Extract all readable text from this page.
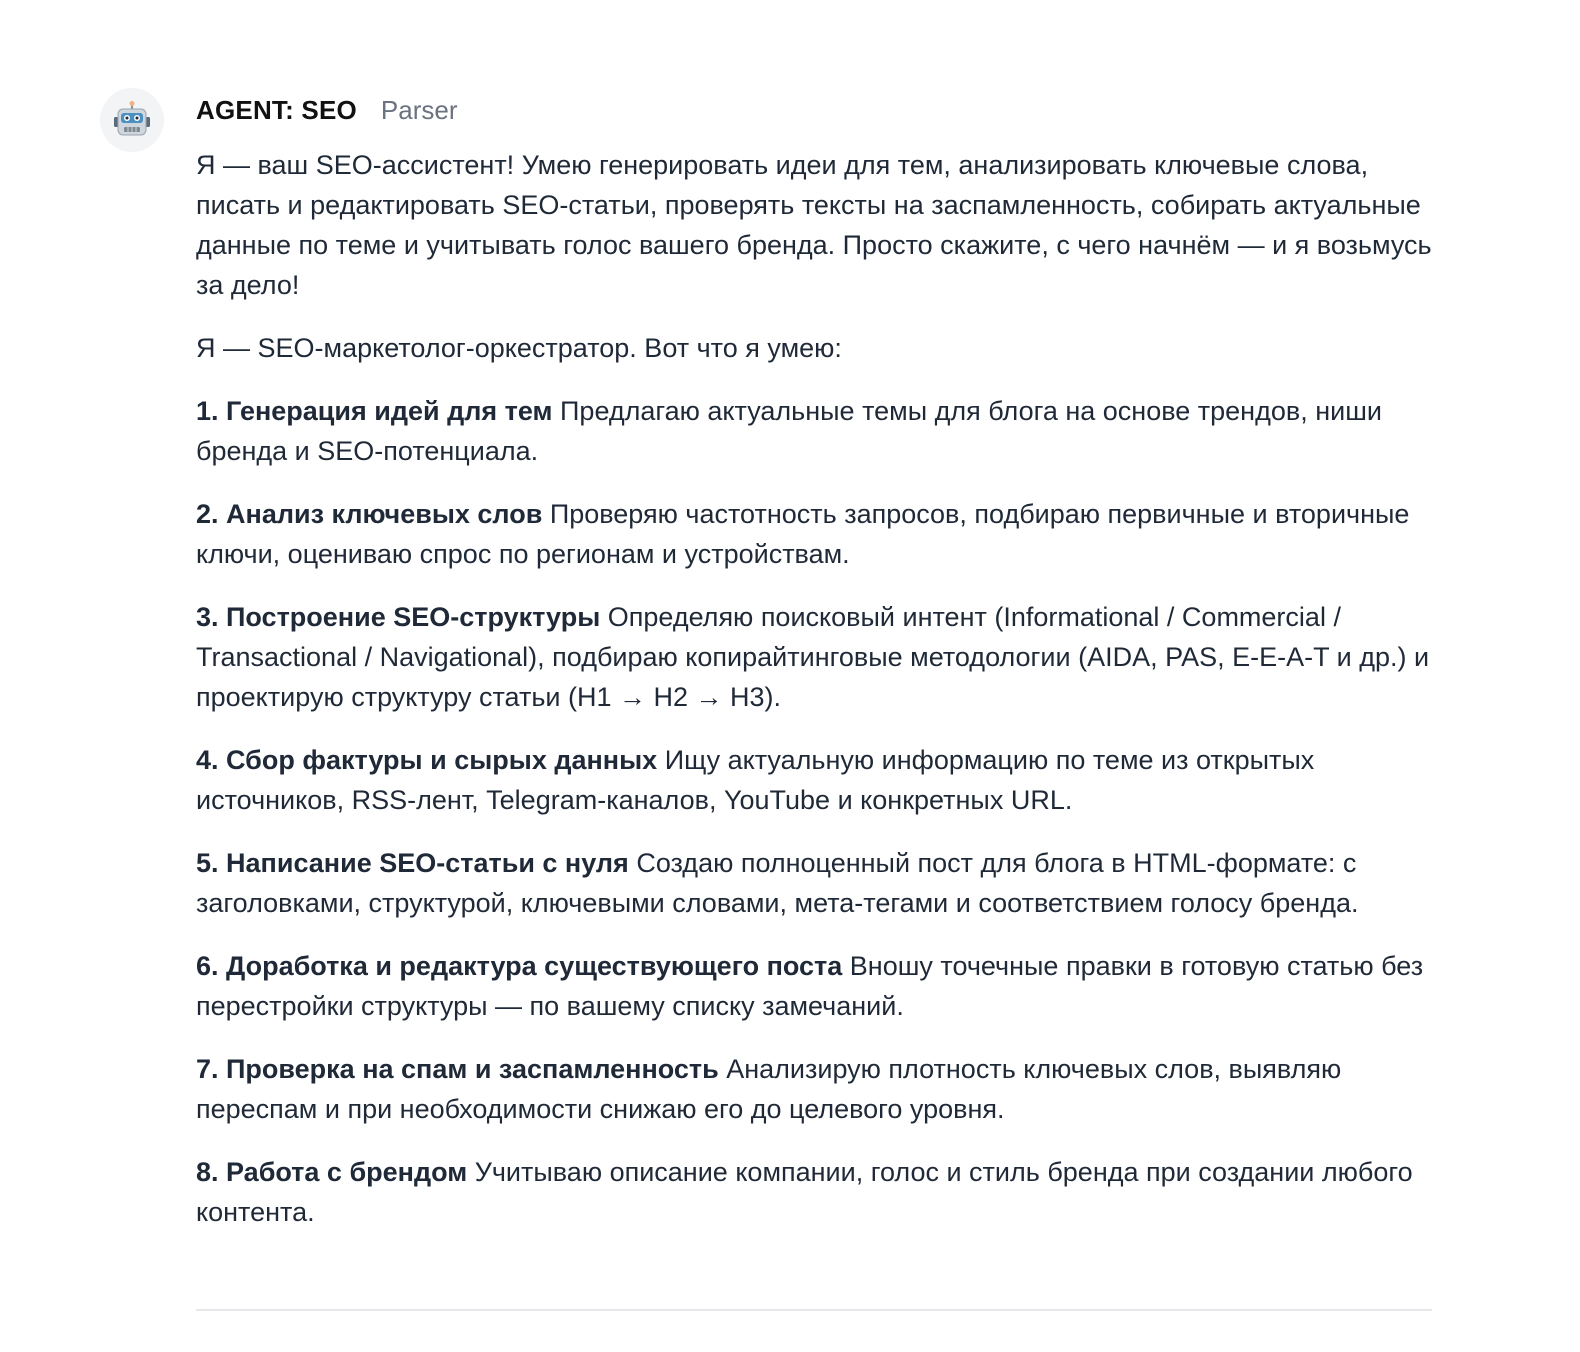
AGENT: SEO Parser

Я — ваш SEO-ассистент! Умею генерировать идеи для тем, анализировать ключевые слова, писать и редактировать SEO-статьи, проверять тексты на заспамленность, собирать актуальные данные по теме и учитывать голос вашего бренда. Просто скажите, с чего начнём — и я возьмусь за дело!

Я — SEO-маркетолог-оркестратор. Вот что я умею:

1. Генерация идей для тем Предлагаю актуальные темы для блога на основе трендов, ниши бренда и SEO-потенциала.

2. Анализ ключевых слов Проверяю частотность запросов, подбираю первичные и вторичные ключи, оцениваю спрос по регионам и устройствам.

3. Построение SEO-структуры Определяю поисковый интент (Informational / Commercial / Transactional / Navigational), подбираю копирайтинговые методологии (AIDA, PAS, E-E-A-T и др.) и проектирую структуру статьи (H1 → H2 → H3).

4. Сбор фактуры и сырых данных Ищу актуальную информацию по теме из открытых источников, RSS-лент, Telegram-каналов, YouTube и конкретных URL.

5. Написание SEO-статьи с нуля Создаю полноценный пост для блога в HTML-формате: с заголовками, структурой, ключевыми словами, мета-тегами и соответствием голосу бренда.

6. Доработка и редактура существующего поста Вношу точечные правки в готовую статью без перестройки структуры — по вашему списку замечаний.

7. Проверка на спам и заспамленность Анализирую плотность ключевых слов, выявляю переспам и при необходимости снижаю его до целевого уровня.

8. Работа с брендом Учитываю описание компании, голос и стиль бренда при создании любого контента.
